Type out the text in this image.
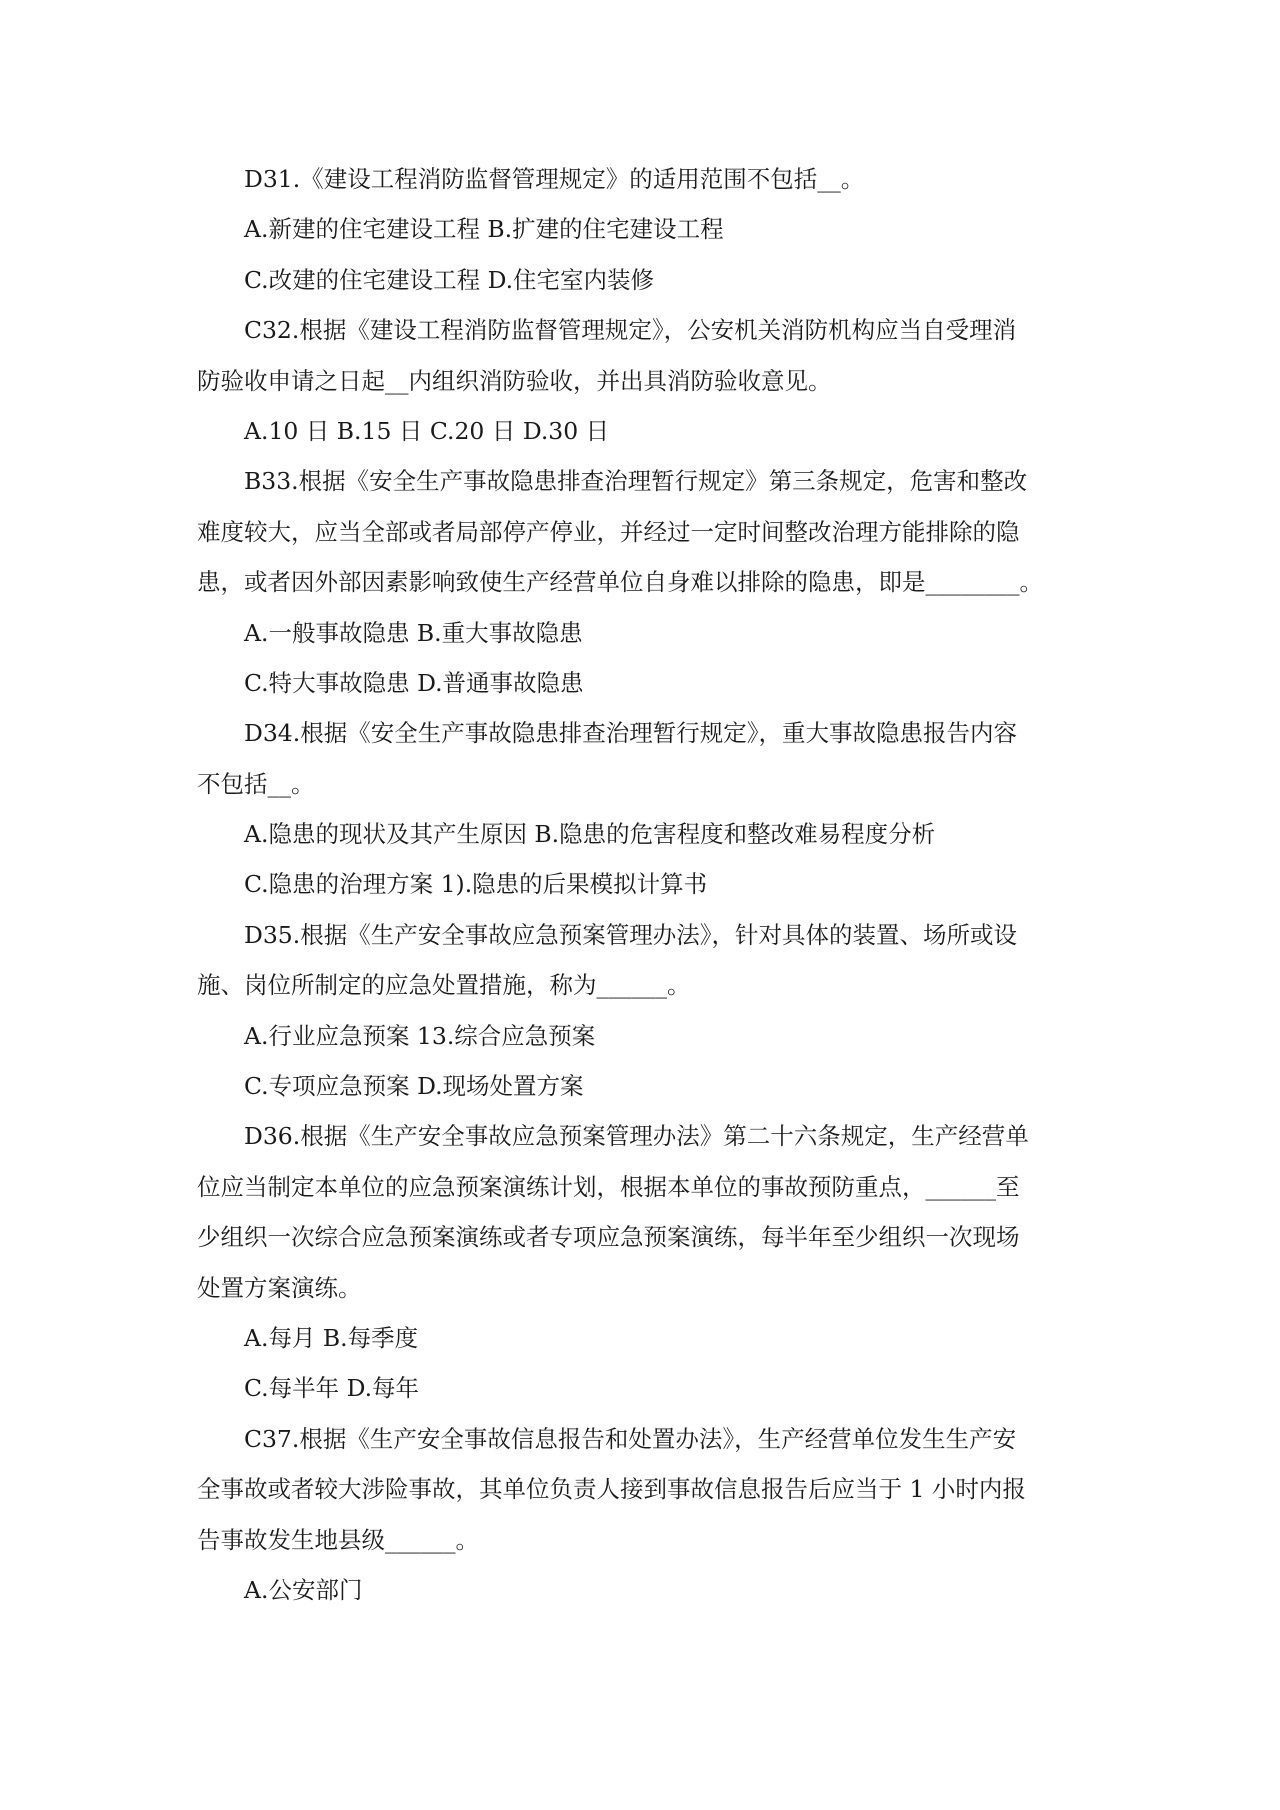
D31.《建设工程消防监督管理规定》的适用范围不包括__。
A.新建的住宅建设工程 B.扩建的住宅建设工程
C.改建的住宅建设工程 D.住宅室内装修
C32.根据《建设工程消防监督管理规定》，公安机关消防机构应当自受理消
防验收申请之日起__内组织消防验收，并出具消防验收意见。
A.10 日 B.15 日 C.20 日 D.30 日
B33.根据《安全生产事故隐患排查治理暂行规定》第三条规定，危害和整改
难度较大，应当全部或者局部停产停业，并经过一定时间整改治理方能排除的隐
患，或者因外部因素影响致使生产经营单位自身难以排除的隐患，即是________。
A.一般事故隐患 B.重大事故隐患
C.特大事故隐患 D.普通事故隐患
D34.根据《安全生产事故隐患排查治理暂行规定》，重大事故隐患报告内容
不包括__。
A.隐患的现状及其产生原因 B.隐患的危害程度和整改难易程度分析
C.隐患的治理方案 1).隐患的后果模拟计算书
D35.根据《生产安全事故应急预案管理办法》，针对具体的装置、场所或设
施、岗位所制定的应急处置措施，称为______。
A.行业应急预案 13.综合应急预案
C.专项应急预案 D.现场处置方案
D36.根据《生产安全事故应急预案管理办法》第二十六条规定，生产经营单
位应当制定本单位的应急预案演练计划，根据本单位的事故预防重点，______至
少组织一次综合应急预案演练或者专项应急预案演练，每半年至少组织一次现场
处置方案演练。
A.每月 B.每季度
C.每半年 D.每年
C37.根据《生产安全事故信息报告和处置办法》，生产经营单位发生生产安
全事故或者较大涉险事故，其单位负责人接到事故信息报告后应当于 1 小时内报
告事故发生地县级______。
A.公安部门
